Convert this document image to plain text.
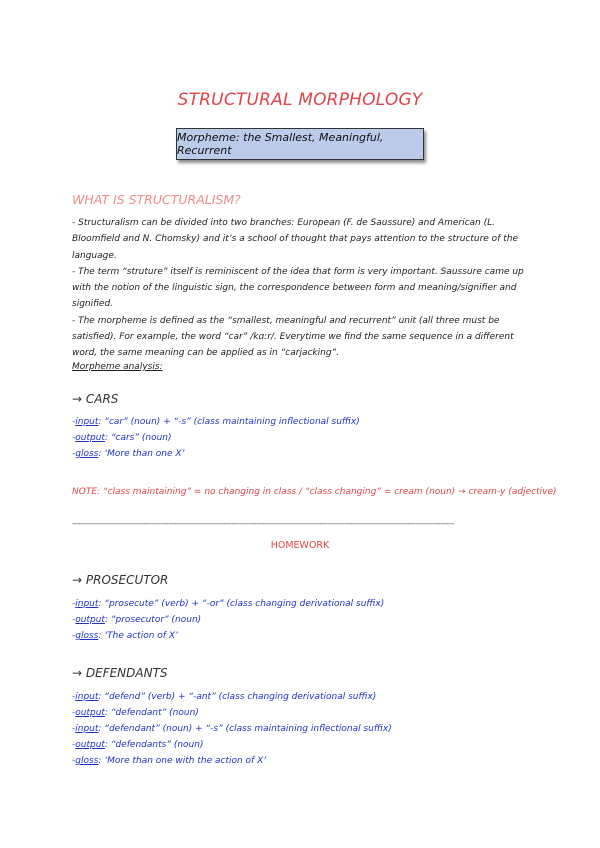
STRUCTURAL MORPHOLOGY
Morpheme: the Smallest, Meaningful, Recurrent
WHAT IS STRUCTURALISM?

- Structuralism can be divided into two branches: European (F. de Saussure) and American (L. Bloomfield and N. Chomsky) and it’s a school of thought that pays attention to the structure of the language.

- The term “struture” itself is reminiscent of the idea that form is very important. Saussure came up with the notion of the linguistic sign, the correspondence between form and meaning/signifier and signified.

- The morpheme is defined as the “smallest, meaningful and recurrent” unit (all three must be satisfied). For example, the word “car” /kɑːr/. Everytime we find the same sequence in a different word, the same meaning can be applied as in “carjacking”.

Morpheme analysis:
→ CARS
-input: “car” (noun) + “-s” (class maintaining inflectional suffix)
-output: “cars” (noun)
-gloss: ‘More than one X’
NOTE: “class maintaining” = no changing in class / “class changing” = cream (noun) → cream-y (adjective)
-------------------------------------------------------------------------------------------------------------------------------------------
HOMEWORK
→ PROSECUTOR
-input: “prosecute” (verb) + “-or” (class changing derivational suffix)
-output: “prosecutor” (noun)
-gloss: ‘The action of X’
→ DEFENDANTS
-input: “defend” (verb) + “-ant” (class changing derivational suffix)
-output: “defendant” (noun)
-input: “defendant” (noun) + “-s” (class maintaining inflectional suffix)
-output: “defendants” (noun)
-gloss: ‘More than one with the action of X’
